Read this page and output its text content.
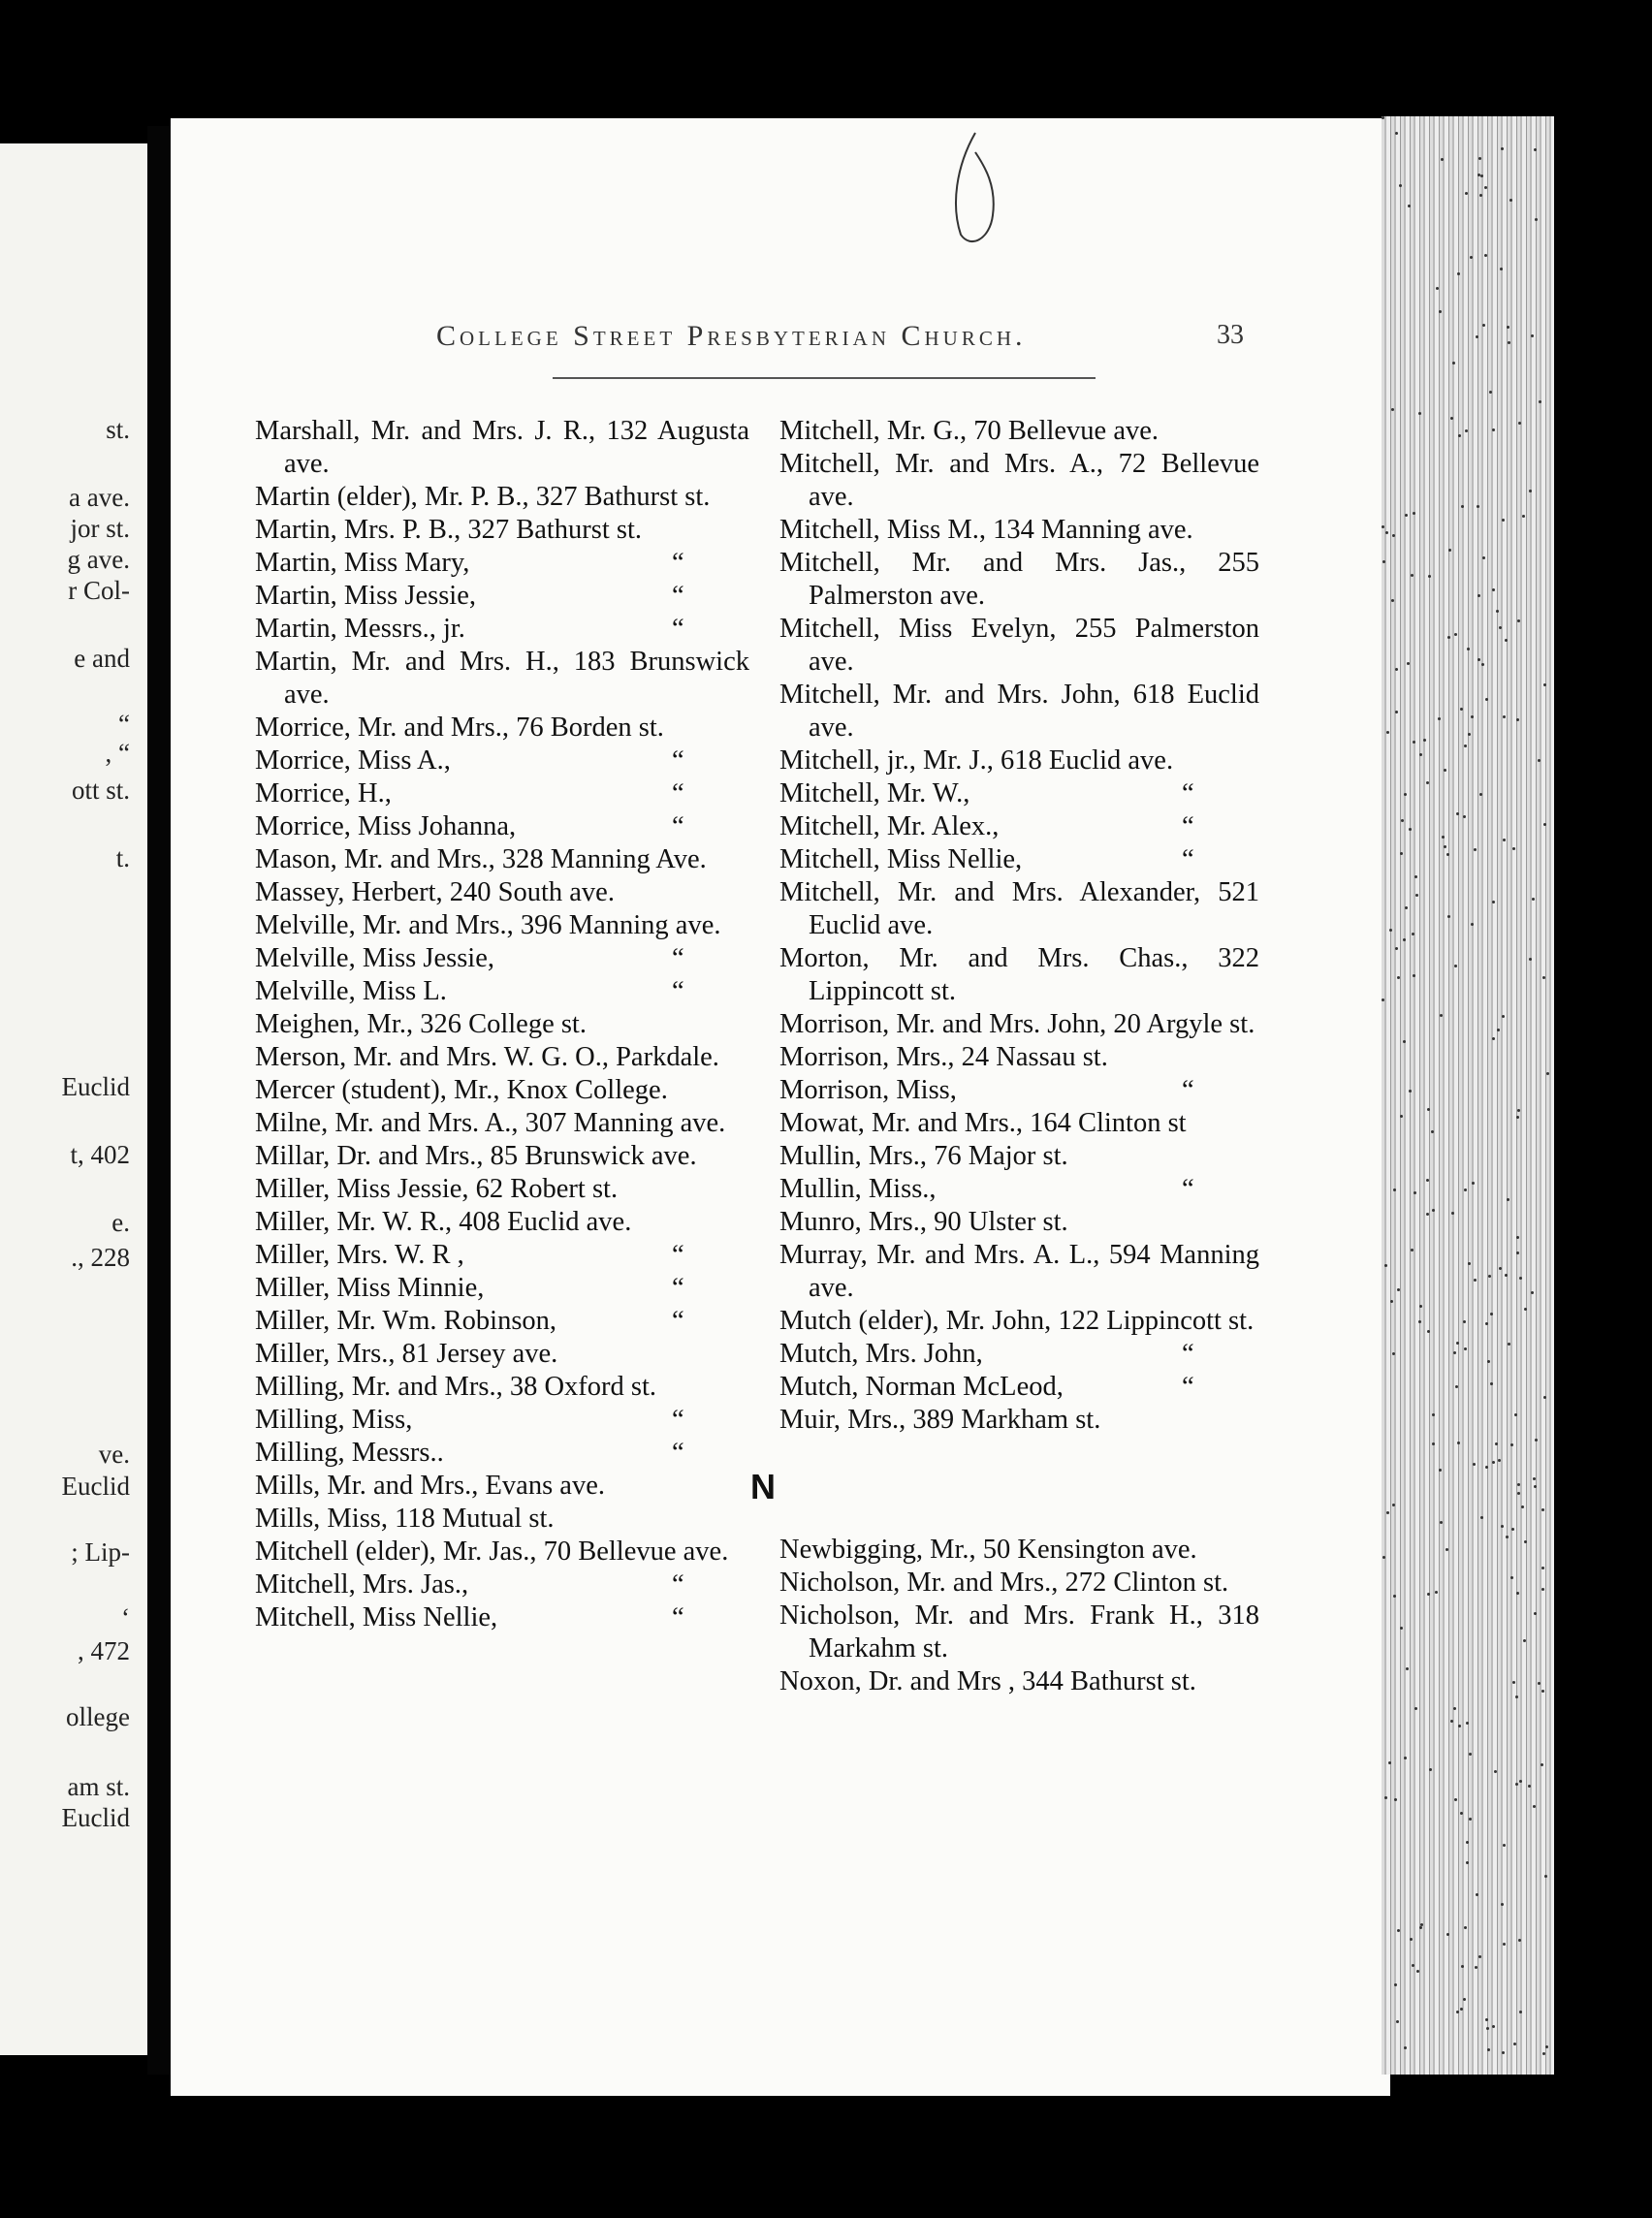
st.
a ave.
jor st.
g ave.
r Col-
e and
“
, “
ott st.
t.
Euclid
t, 402
e.
., 228
ve.
Euclid
; Lip-
‘
, 472
ollege
am st.
Euclid
College Street Presbyterian Church.	33
Marshall, Mr. and Mrs. J. R., 132 Augusta ave.
Martin (elder), Mr. P. B., 327 Bathurst st.
Martin, Mrs. P. B., 327 Bathurst st.
Martin, Miss Mary,	“
Martin, Miss Jessie,	“
Martin, Messrs., jr.	“
Martin, Mr. and Mrs. H., 183 Brunswick ave.
Morrice, Mr. and Mrs., 76 Borden st.
Morrice, Miss A.,	“
Morrice, H.,	“
Morrice, Miss Johanna,	“
Mason, Mr. and Mrs., 328 Manning Ave.
Massey, Herbert, 240 South ave.
Melville, Mr. and Mrs., 396 Manning ave.
Melville, Miss Jessie,	“
Melville, Miss L.	“
Meighen, Mr., 326 College st.
Merson, Mr. and Mrs. W. G. O., Parkdale.
Mercer (student), Mr., Knox College.
Milne, Mr. and Mrs. A., 307 Manning ave.
Millar, Dr. and Mrs., 85 Brunswick ave.
Miller, Miss Jessie, 62 Robert st.
Miller, Mr. W. R., 408 Euclid ave.
Miller, Mrs. W. R ,	“
Miller, Miss Minnie,	“
Miller, Mr. Wm. Robinson,	“
Miller, Mrs., 81 Jersey ave.
Milling, Mr. and Mrs., 38 Oxford st.
Milling, Miss,	“
Milling, Messrs..	“
Mills, Mr. and Mrs., Evans ave.
Mills, Miss, 118 Mutual st.
Mitchell (elder), Mr. Jas., 70 Bellevue ave.
Mitchell, Mrs. Jas.,	“
Mitchell, Miss Nellie,	“
Mitchell, Mr. G., 70 Bellevue ave.
Mitchell, Mr. and Mrs. A., 72 Bellevue ave.
Mitchell, Miss M., 134 Manning ave.
Mitchell, Mr. and Mrs. Jas., 255 Palmerston ave.
Mitchell, Miss Evelyn, 255 Palmerston ave.
Mitchell, Mr. and Mrs. John, 618 Euclid ave.
Mitchell, jr., Mr. J., 618 Euclid ave.
Mitchell, Mr. W.,	“
Mitchell, Mr. Alex.,	“
Mitchell, Miss Nellie,	“
Mitchell, Mr. and Mrs. Alexander, 521 Euclid ave.
Morton, Mr. and Mrs. Chas., 322 Lippincott st.
Morrison, Mr. and Mrs. John, 20 Argyle st.
Morrison, Mrs., 24 Nassau st.
Morrison, Miss,	“
Mowat, Mr. and Mrs., 164 Clinton st
Mullin, Mrs., 76 Major st.
Mullin, Miss.,	“
Munro, Mrs., 90 Ulster st.
Murray, Mr. and Mrs. A. L., 594 Manning ave.
Mutch (elder), Mr. John, 122 Lippincott st.
Mutch, Mrs. John,	“
Mutch, Norman McLeod,	“
Muir, Mrs., 389 Markham st.
N
Newbigging, Mr., 50 Kensington ave.
Nicholson, Mr. and Mrs., 272 Clinton st.
Nicholson, Mr. and Mrs. Frank H., 318 Markahm st.
Noxon, Dr. and Mrs , 344 Bathurst st.
